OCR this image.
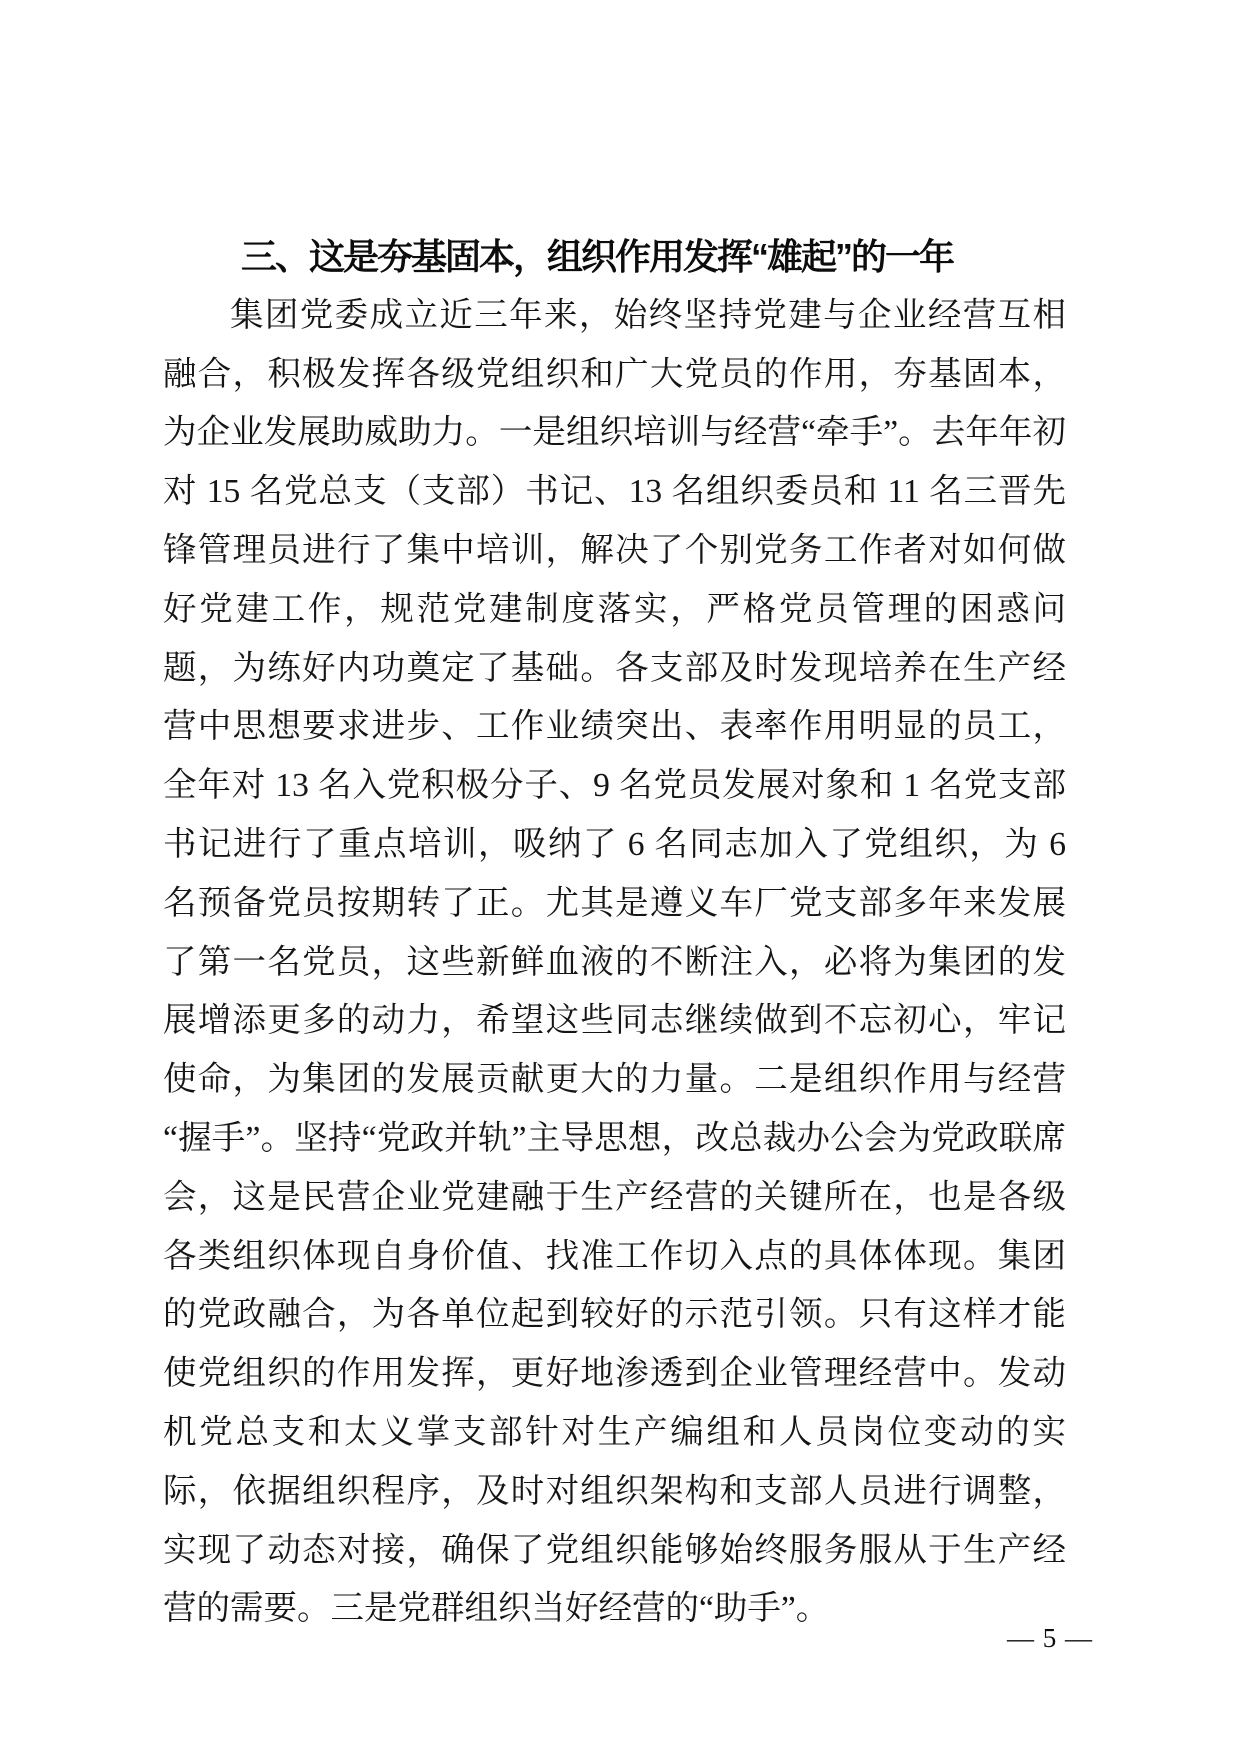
三、这是夯基固本，组织作用发挥“雄起”的一年

集团党委成立近三年来，始终坚持党建与企业经营互相融合，积极发挥各级党组织和广大党员的作用，夯基固本，为企业发展助威助力。一是组织培训与经营“牵手”。去年年初对 15 名党总支（支部）书记、13 名组织委员和 11 名三晋先锋管理员进行了集中培训，解决了个别党务工作者对如何做好党建工作，规范党建制度落实，严格党员管理的困惑问题，为练好内功奠定了基础。各支部及时发现培养在生产经营中思想要求进步、工作业绩突出、表率作用明显的员工，全年对 13 名入党积极分子、9 名党员发展对象和 1 名党支部书记进行了重点培训，吸纳了 6 名同志加入了党组织，为 6 名预备党员按期转了正。尤其是遵义车厂党支部多年来发展了第一名党员，这些新鲜血液的不断注入，必将为集团的发展增添更多的动力，希望这些同志继续做到不忘初心，牢记使命，为集团的发展贡献更大的力量。二是组织作用与经营“握手”。坚持“党政并轨”主导思想，改总裁办公会为党政联席会，这是民营企业党建融于生产经营的关键所在，也是各级各类组织体现自身价值、找准工作切入点的具体体现。集团的党政融合，为各单位起到较好的示范引领。只有这样才能使党组织的作用发挥，更好地渗透到企业管理经营中。发动机党总支和太义掌支部针对生产编组和人员岗位变动的实际，依据组织程序，及时对组织架构和支部人员进行调整，实现了动态对接，确保了党组织能够始终服务服从于生产经营的需要。三是党群组织当好经营的“助手”。

— 5 —
